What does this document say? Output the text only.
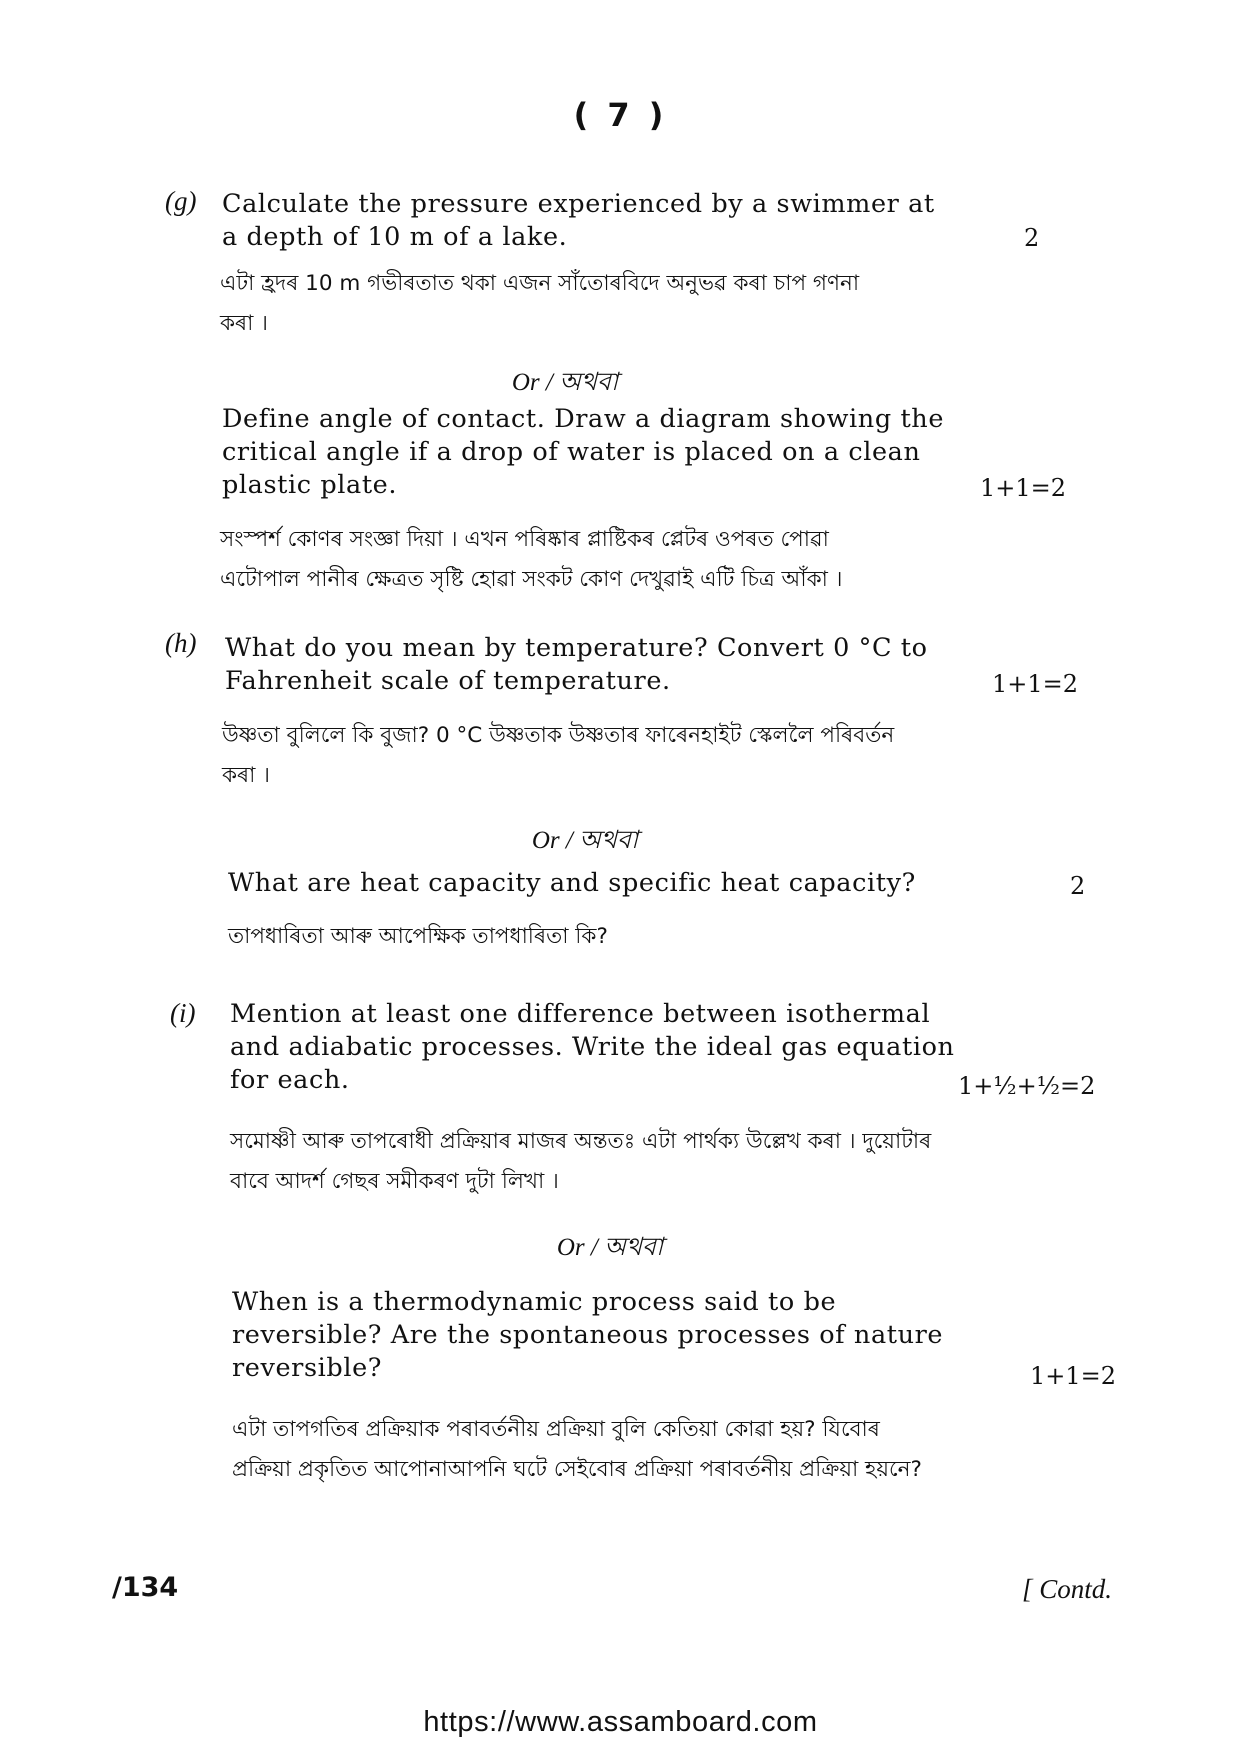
( 7 )
(g) Calculate the pressure experienced by a swimmer at
a depth of 10 m of a lake.	2
এটা হ্ৰদৰ 10 m গভীৰতাত থকা এজন সাঁতোৰবিদে অনুভৱ কৰা চাপ গণনা
কৰা ।
Or / অথবা
Define angle of contact. Draw a diagram showing the
critical angle if a drop of water is placed on a clean
plastic plate.	1+1=2
সংস্পৰ্শ কোণৰ সংজ্ঞা দিয়া । এখন পৰিষ্কাৰ প্লাষ্টিকৰ প্লেটৰ ওপৰত পোৱা
এটোপাল পানীৰ ক্ষেত্ৰত সৃষ্টি হোৱা সংকট কোণ দেখুৱাই এটি চিত্ৰ আঁকা ।
(h) What do you mean by temperature? Convert 0 °C to
Fahrenheit scale of temperature.	1+1=2
উষ্ণতা বুলিলে কি বুজা? 0 °C উষ্ণতাক উষ্ণতাৰ ফাৰেনহাইট স্কেললৈ পৰিবৰ্তন
কৰা ।
Or / অথবা
What are heat capacity and specific heat capacity?	2
তাপধাৰিতা আৰু আপেক্ষিক তাপধাৰিতা কি?
(i) Mention at least one difference between isothermal
and adiabatic processes. Write the ideal gas equation
for each.	1+½+½=2
সমোষ্ণী আৰু তাপৰোধী প্ৰক্ৰিয়াৰ মাজৰ অন্ততঃ এটা পাৰ্থক্য উল্লেখ কৰা । দুয়োটাৰ
বাবে আদৰ্শ গেছৰ সমীকৰণ দুটা লিখা ।
Or / অথবা
When is a thermodynamic process said to be
reversible? Are the spontaneous processes of nature
reversible?	1+1=2
এটা তাপগতিৰ প্ৰক্ৰিয়াক পৰাবৰ্তনীয় প্ৰক্ৰিয়া বুলি কেতিয়া কোৱা হয়? যিবোৰ
প্ৰক্ৰিয়া প্ৰকৃতিত আপোনাআপনি ঘটে সেইবোৰ প্ৰক্ৰিয়া পৰাবৰ্তনীয় প্ৰক্ৰিয়া হয়নে?
/134	[ Contd.
https://www.assamboard.com
